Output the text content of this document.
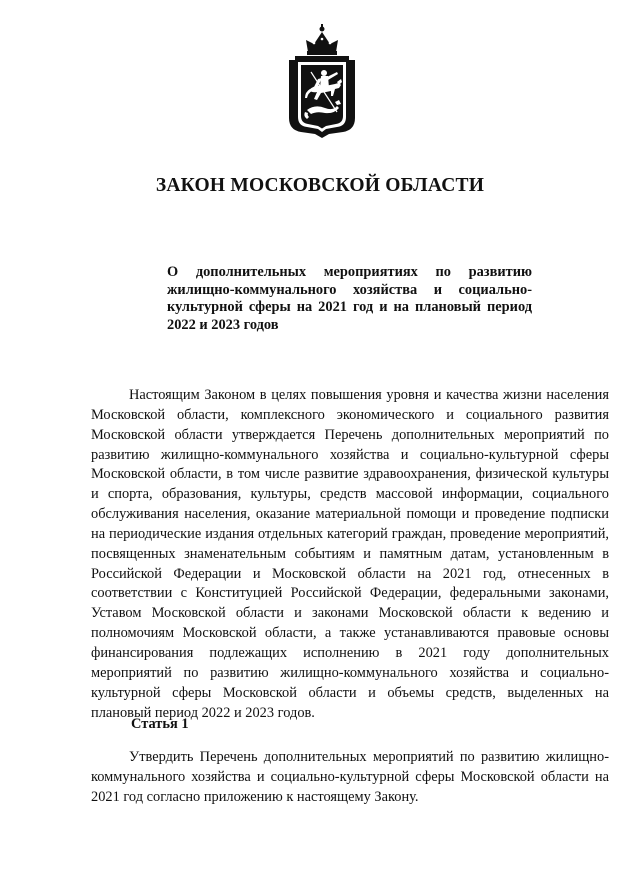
ЗАКОН МОСКОВСКОЙ ОБЛАСТИ

О дополнительных мероприятиях по развитию жилищно-коммунального хозяйства и социально-культурной сферы на 2021 год и на плановый период 2022 и 2023 годов

Настоящим Законом в целях повышения уровня и качества жизни населения Московской области, комплексного экономического и социального развития Московской области утверждается Перечень дополнительных мероприятий по развитию жилищно-коммунального хозяйства и социально-культурной сферы Московской области, в том числе развитие здравоохранения, физической культуры и спорта, образования, культуры, средств массовой информации, социального обслуживания населения, оказание материальной помощи и проведение подписки на периодические издания отдельных категорий граждан, проведение мероприятий, посвященных знаменательным событиям и памятным датам, установленным в Российской Федерации и Московской области на 2021 год, отнесенных в соответствии с Конституцией Российской Федерации, федеральными законами, Уставом Московской области и законами Московской области к ведению и полномочиям Московской области, а также устанавливаются правовые основы финансирования подлежащих исполнению в 2021 году дополнительных мероприятий по развитию жилищно-коммунального хозяйства и социально-культурной сферы Московской области и объемы средств, выделенных на плановый период 2022 и 2023 годов.

Статья 1

Утвердить Перечень дополнительных мероприятий по развитию жилищно-коммунального хозяйства и социально-культурной сферы Московской области на 2021 год согласно приложению к настоящему Закону.
